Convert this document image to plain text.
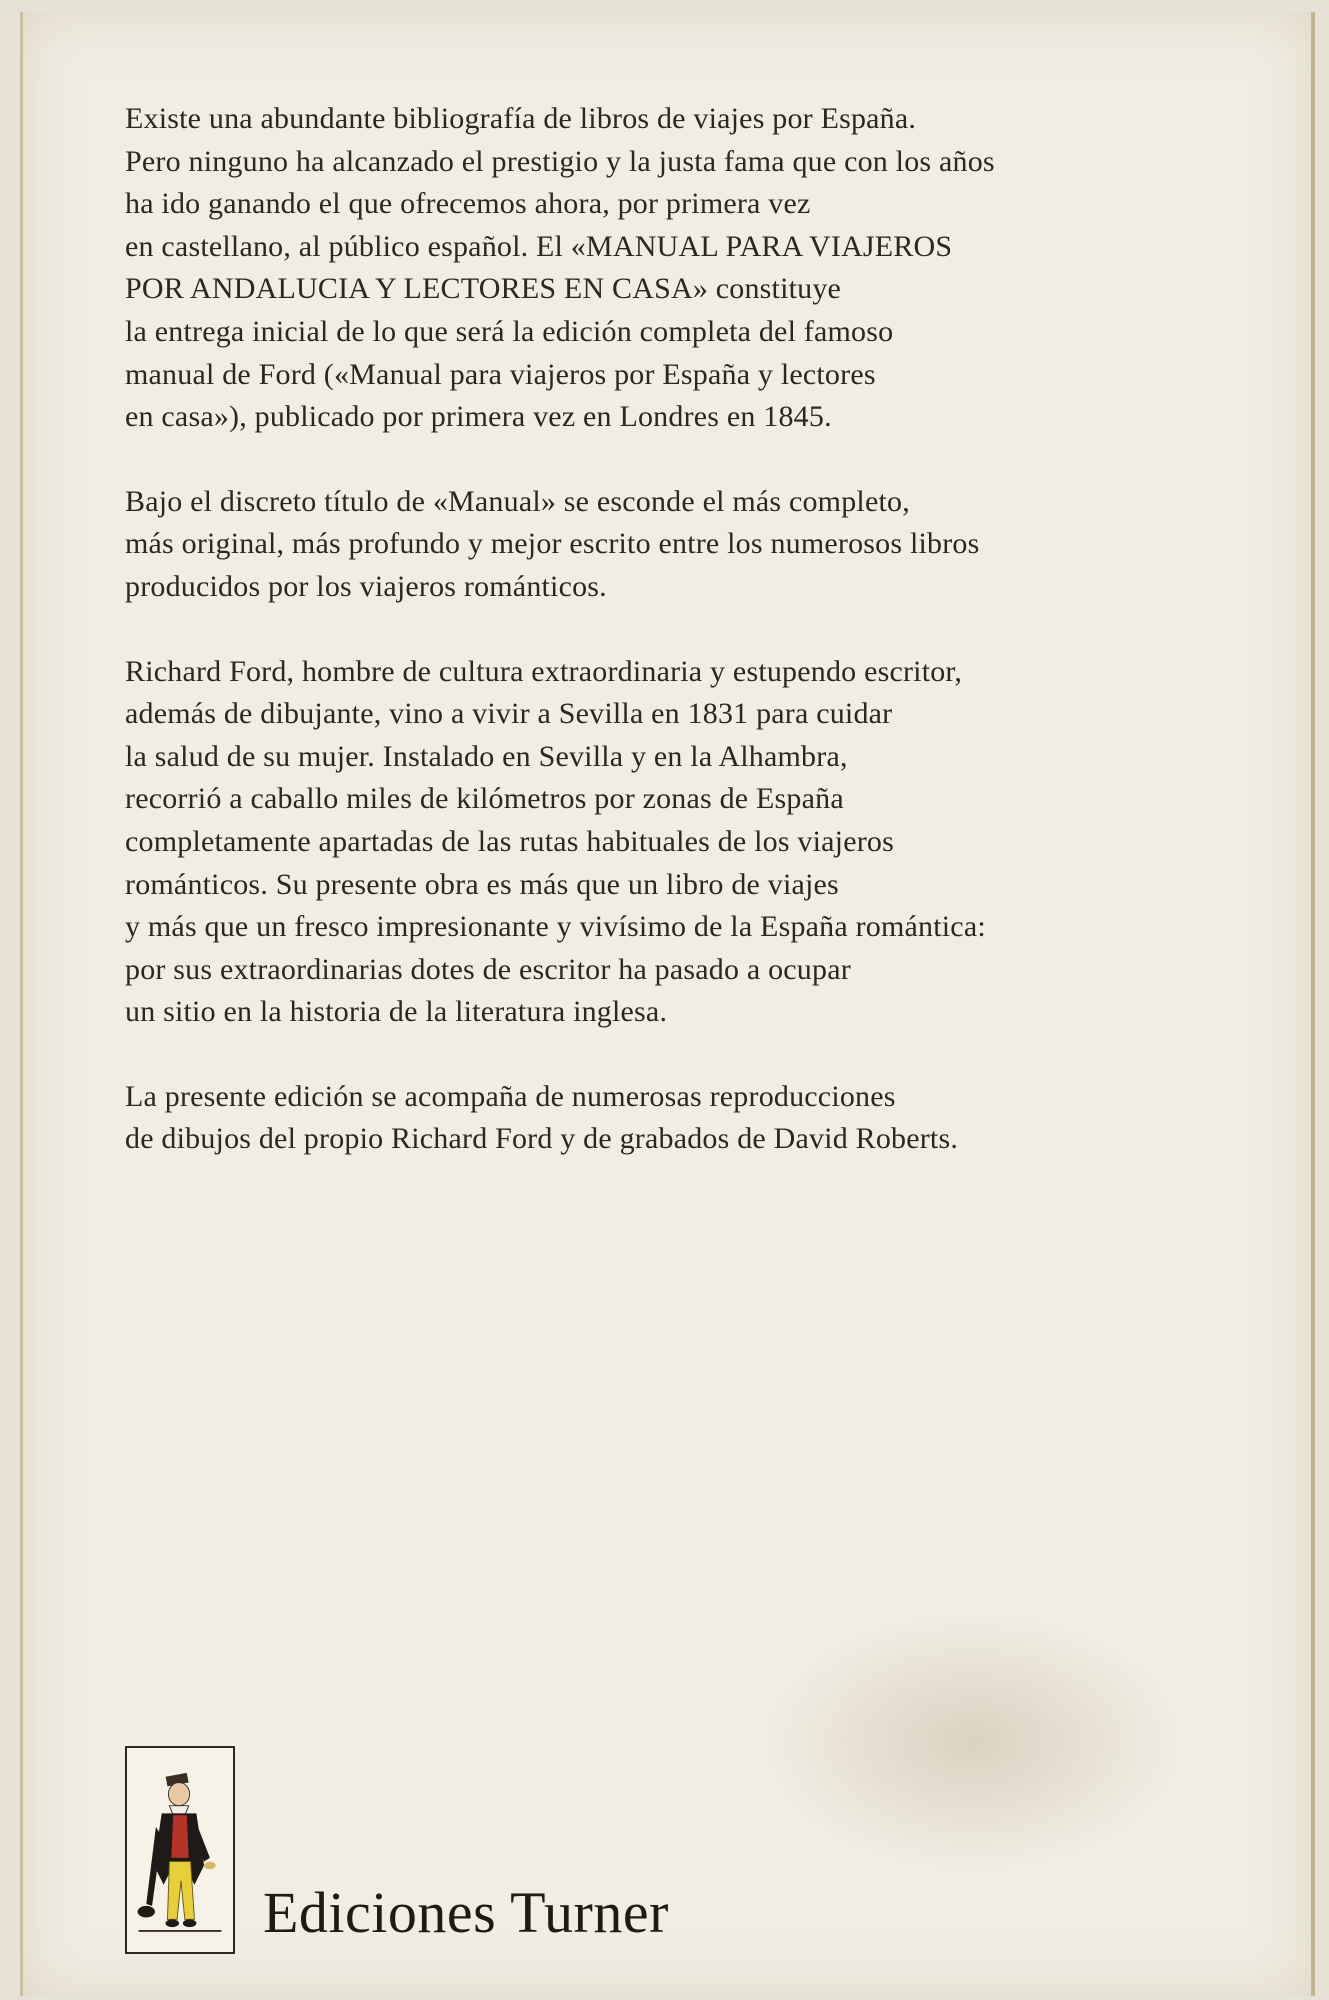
Existe una abundante bibliografía de libros de viajes por España.
Pero ninguno ha alcanzado el prestigio y la justa fama que con los años
ha ido ganando el que ofrecemos ahora, por primera vez
en castellano, al público español. El «MANUAL PARA VIAJEROS
POR ANDALUCIA Y LECTORES EN CASA» constituye
la entrega inicial de lo que será la edición completa del famoso
manual de Ford («Manual para viajeros por España y lectores
en casa»), publicado por primera vez en Londres en 1845.

Bajo el discreto título de «Manual» se esconde el más completo,
más original, más profundo y mejor escrito entre los numerosos libros
producidos por los viajeros románticos.

Richard Ford, hombre de cultura extraordinaria y estupendo escritor,
además de dibujante, vino a vivir a Sevilla en 1831 para cuidar
la salud de su mujer. Instalado en Sevilla y en la Alhambra,
recorrió a caballo miles de kilómetros por zonas de España
completamente apartadas de las rutas habituales de los viajeros
románticos. Su presente obra es más que un libro de viajes
y más que un fresco impresionante y vivísimo de la España romántica:
por sus extraordinarias dotes de escritor ha pasado a ocupar
un sitio en la historia de la literatura inglesa.

La presente edición se acompaña de numerosas reproducciones
de dibujos del propio Richard Ford y de grabados de David Roberts.

Ediciones Turner
